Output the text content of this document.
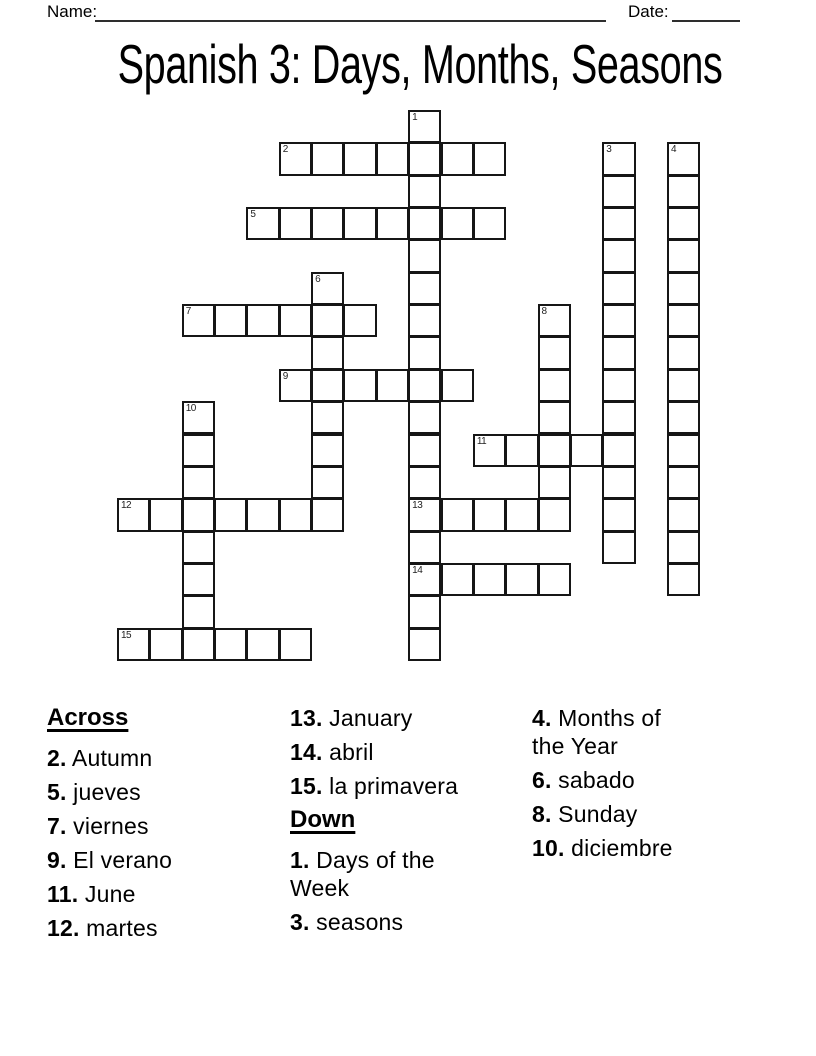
Name:	Date:
Spanish 3: Days, Months, Seasons
1
13
14
2	3	4
5
6
7	8
9
10
11
12
15
Across
2. Autumn
5. jueves
7. viernes
9. El verano
11. June
12. martes
13. January
14. abril
15. la primavera
Down
1. Days of the Week
3. seasons
4. Months of the Year
6. sabado
8. Sunday
10. diciembre
